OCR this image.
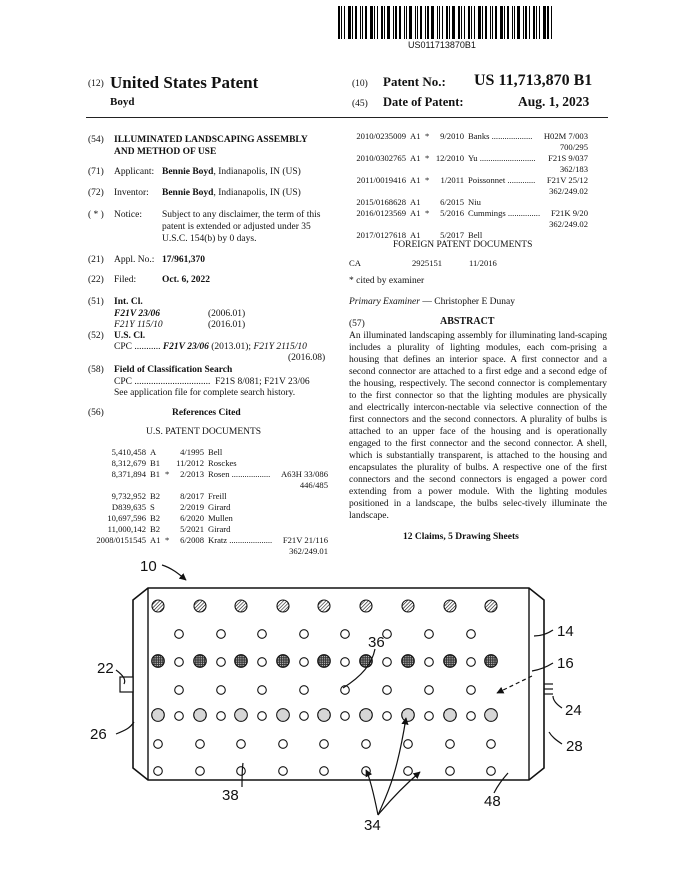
US011713870B1
(12) United States Patent
Boyd
(10) Patent No.: US 11,713,870 B1
(45) Date of Patent:	Aug. 1, 2023
(54) ILLUMINATED LANDSCAPING ASSEMBLY
AND METHOD OF USE
(71) Applicant: Bennie Boyd, Indianapolis, IN (US)
(72) Inventor: Bennie Boyd, Indianapolis, IN (US)
( * ) Notice: Subject to any disclaimer, the term of this
patent is extended or adjusted under 35
U.S.C. 154(b) by 0 days.
(21) Appl. No.: 17/961,370
(22) Filed:	Oct. 6, 2022
(51) Int. Cl.
F21V 23/06	(2006.01)
F21Y 115/10	(2016.01)
(52) U.S. Cl.
CPC ........... F21V 23/06 (2013.01); F21Y 2115/10
(2016.08)
(58) Field of Classification Search
CPC ................................  F21S 8/081; F21V 23/06
See application file for complete search history.
(56)	References Cited
U.S. PATENT DOCUMENTS
5,410,458 A	4/1995 Bell
8,312,679 B1	11/2012 Rosckes
8,371,894 B1 *	2/2013 Rosen ..................	A63H 33/086
446/485
9,732,952 B2	8/2017 Freill
D839,635 S	2/2019 Girard
10,697,596 B2	6/2020 Mullen
11,000,142 B2	5/2021 Girard
2008/0151545 A1 *	6/2008 Kratz ....................	F21V 21/116
362/249.01
2010/0235009 A1 *	9/2010 Banks ...................	H02M 7/003
700/295
2010/0302765 A1 * 12/2010 Yu ..........................	F21S 9/037
362/183
2011/0019416 A1 *	1/2011 Poissonnet .............	F21V 25/12
362/249.02
2015/0168628 A1	6/2015 Niu
2016/0123569 A1 *	5/2016 Cummings ...............	F21K 9/20
362/249.02
2017/0127618 A1	5/2017 Bell
FOREIGN PATENT DOCUMENTS
CA	2925151	11/2016
* cited by examiner
Primary Examiner — Christopher E Dunay
(57)	ABSTRACT
An illuminated landscaping assembly for illuminating land-scaping includes a plurality of lighting modules, each com-prising a housing that defines an interior space. A first connector and a second connector are attached to a first edge and a second edge of the housing, respectively. The second connector is complementary to the first connector so that the lighting modules are physically and electrically intercon-nectable via selective connection of the first connectors and the second connectors. A plurality of bulbs is attached to an upper face of the housing and is operationally engaged to the first connector and the second connector. A shell, which is substantially transparent, is attached to the housing and encapsulates the plurality of bulbs. A respective one of the first connectors and the second connectors is engaged a power cord extending from a power module. With the lighting modules positioned in a landscape, the bulbs selec-tively illuminate the landscape.
12 Claims, 5 Drawing Sheets
10
14
16
22
24
26
28
36
38	48
34
